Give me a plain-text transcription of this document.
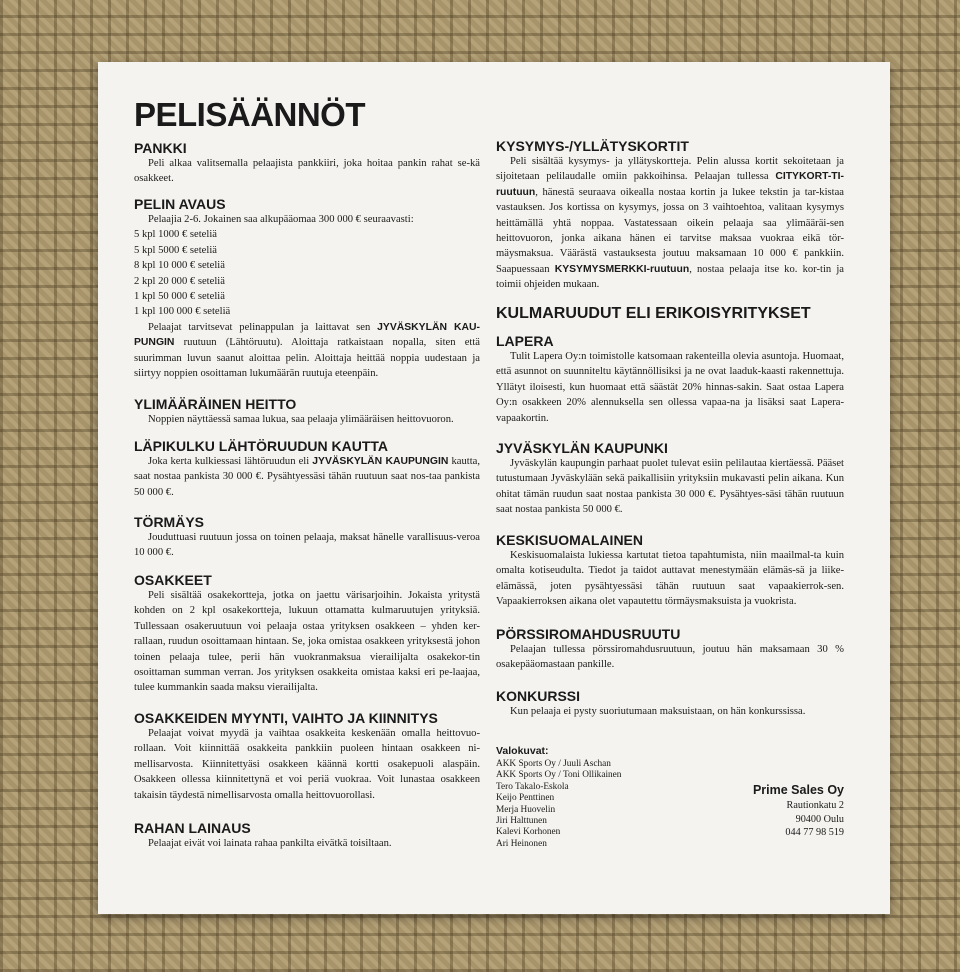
PELISÄÄNNÖT
PANKKI

Peli alkaa valitsemalla pelaajista pankkiiri, joka hoitaa pankin rahat se-kä osakkeet.

PELIN AVAUS

Pelaajia 2-6. Jokainen saa alkupääomaa 300 000 € seuraavasti:

5 kpl 1000 € seteliä
5 kpl 5000 € seteliä
8 kpl 10 000 € seteliä
2 kpl 20 000 € seteliä
1 kpl 50 000 € seteliä
1 kpl 100 000 € seteliä

Pelaajat tarvitsevat pelinappulan ja laittavat sen JYVÄSKYLÄN KAU-PUNGIN ruutuun (Lähtöruutu). Aloittaja ratkaistaan nopalla, siten että suurimman luvun saanut aloittaa pelin. Aloittaja heittää noppia uudestaan ja siirtyy noppien osoittaman lukumäärän ruutuja eteenpäin.

YLIMÄÄRÄINEN HEITTO

Noppien näyttäessä samaa lukua, saa pelaaja ylimääräisen heittovuoron.

LÄPIKULKU LÄHTÖRUUDUN KAUTTA

Joka kerta kulkiessasi lähtöruudun eli JYVÄSKYLÄN KAUPUNGIN kautta, saat nostaa pankista 30 000 €. Pysähtyessäsi tähän ruutuun saat nos-taa pankista 50 000 €.

TÖRMÄYS

Jouduttuasi ruutuun jossa on toinen pelaaja, maksat hänelle varallisuus-veroa 10 000 €.

OSAKKEET

Peli sisältää osakekortteja, jotka on jaettu värisarjoihin. Jokaista yritystä kohden on 2 kpl osakekortteja, lukuun ottamatta kulmaruutujen yrityksiä. Tullessaan osakeruutuun voi pelaaja ostaa yrityksen osakkeen – yhden ker-rallaan, ruudun osoittamaan hintaan. Se, joka omistaa osakkeen yrityksestä johon toinen pelaaja tulee, perii hän vuokranmaksua vierailijalta osakekor-tin osoittaman summan verran. Jos yrityksen osakkeita omistaa kaksi eri pe-laajaa, tulee kummankin saada maksu vierailijalta.

OSAKKEIDEN MYYNTI, VAIHTO JA KIINNITYS

Pelaajat voivat myydä ja vaihtaa osakkeita keskenään omalla heittovuo-rollaan. Voit kiinnittää osakkeita pankkiin puoleen hintaan osakkeen ni-mellisarvosta. Kiinnitettyäsi osakkeen käännä kortti osakepuoli alaspäin. Osakkeen ollessa kiinnitettynä et voi periä vuokraa. Voit lunastaa osakkeen takaisin täydestä nimellisarvosta omalla heittovuorollasi.

RAHAN LAINAUS

Pelaajat eivät voi lainata rahaa pankilta eivätkä toisiltaan.

KYSYMYS-/YLLÄTYSKORTIT

Peli sisältää kysymys- ja yllätyskortteja. Pelin alussa kortit sekoitetaan ja sijoitetaan pelilaudalle omiin pakkoihinsa. Pelaajan tullessa CITYKORT-TI-ruutuun, hänestä seuraava oikealla nostaa kortin ja lukee tekstin ja tar-kistaa vastauksen. Jos kortissa on kysymys, jossa on 3 vaihtoehtoa, valitaan kysymys heittämällä yhtä noppaa. Vastatessaan oikein pelaaja saa ylimääräi-sen heittovuoron, jonka aikana hänen ei tarvitse maksaa vuokraa eikä tör-mäysmaksua. Väärästä vastauksesta joutuu maksamaan 10 000 € pankkiin. Saapuessaan KYSYMYSMERKKI-ruutuun, nostaa pelaaja itse ko. kor-tin ja toimii ohjeiden mukaan.

KULMARUUDUT ELI ERIKOISYRITYKSET
LAPERA

Tulit Lapera Oy:n toimistolle katsomaan rakenteilla olevia asuntoja. Huomaat, että asunnot on suunniteltu käytännöllisiksi ja ne ovat laaduk-kaasti rakennettuja. Yllätyt iloisesti, kun huomaat että säästät 20% hinnas-sakin. Saat ostaa Lapera Oy:n osakkeen 20% alennuksella sen ollessa vapaa-na ja lisäksi saat Lapera-vapaakortin.

JYVÄSKYLÄN KAUPUNKI

Jyväskylän kaupungin parhaat puolet tulevat esiin pelilautaa kiertäessä. Pääset tutustumaan Jyväskylään sekä paikallisiin yrityksiin mukavasti pelin aikana. Kun ohitat tämän ruudun saat nostaa pankista 30 000 €. Pysähtyes-säsi tähän ruutuun saat nostaa pankista 50 000 €.

KESKISUOMALAINEN

Keskisuomalaista lukiessa kartutat tietoa tapahtumista, niin maailmal-ta kuin omalta kotiseudulta. Tiedot ja taidot auttavat menestymään elämäs-sä ja liike-elämässä, joten pysähtyessäsi tähän ruutuun saat vapaakierrok-sen. Vapaakierroksen aikana olet vapautettu törmäysmaksuista ja vuokrista.

PÖRSSIROMAHDUSRUUTU

Pelaajan tullessa pörssiromahdusruutuun, joutuu hän maksamaan 30 % osakepääomastaan pankille.

KONKURSSI

Kun pelaaja ei pysty suoriutumaan maksuistaan, on hän konkurssissa.

Valokuvat:
AKK Sports Oy / Juuli Aschan
AKK Sports Oy / Toni Ollikainen
Tero Takalo-Eskola
Keijo Penttinen
Merja Huovelin
Jiri Halttunen
Kalevi Korhonen
Ari Heinonen
Prime Sales Oy
Rautionkatu 2
90400 Oulu
044 77 98 519
